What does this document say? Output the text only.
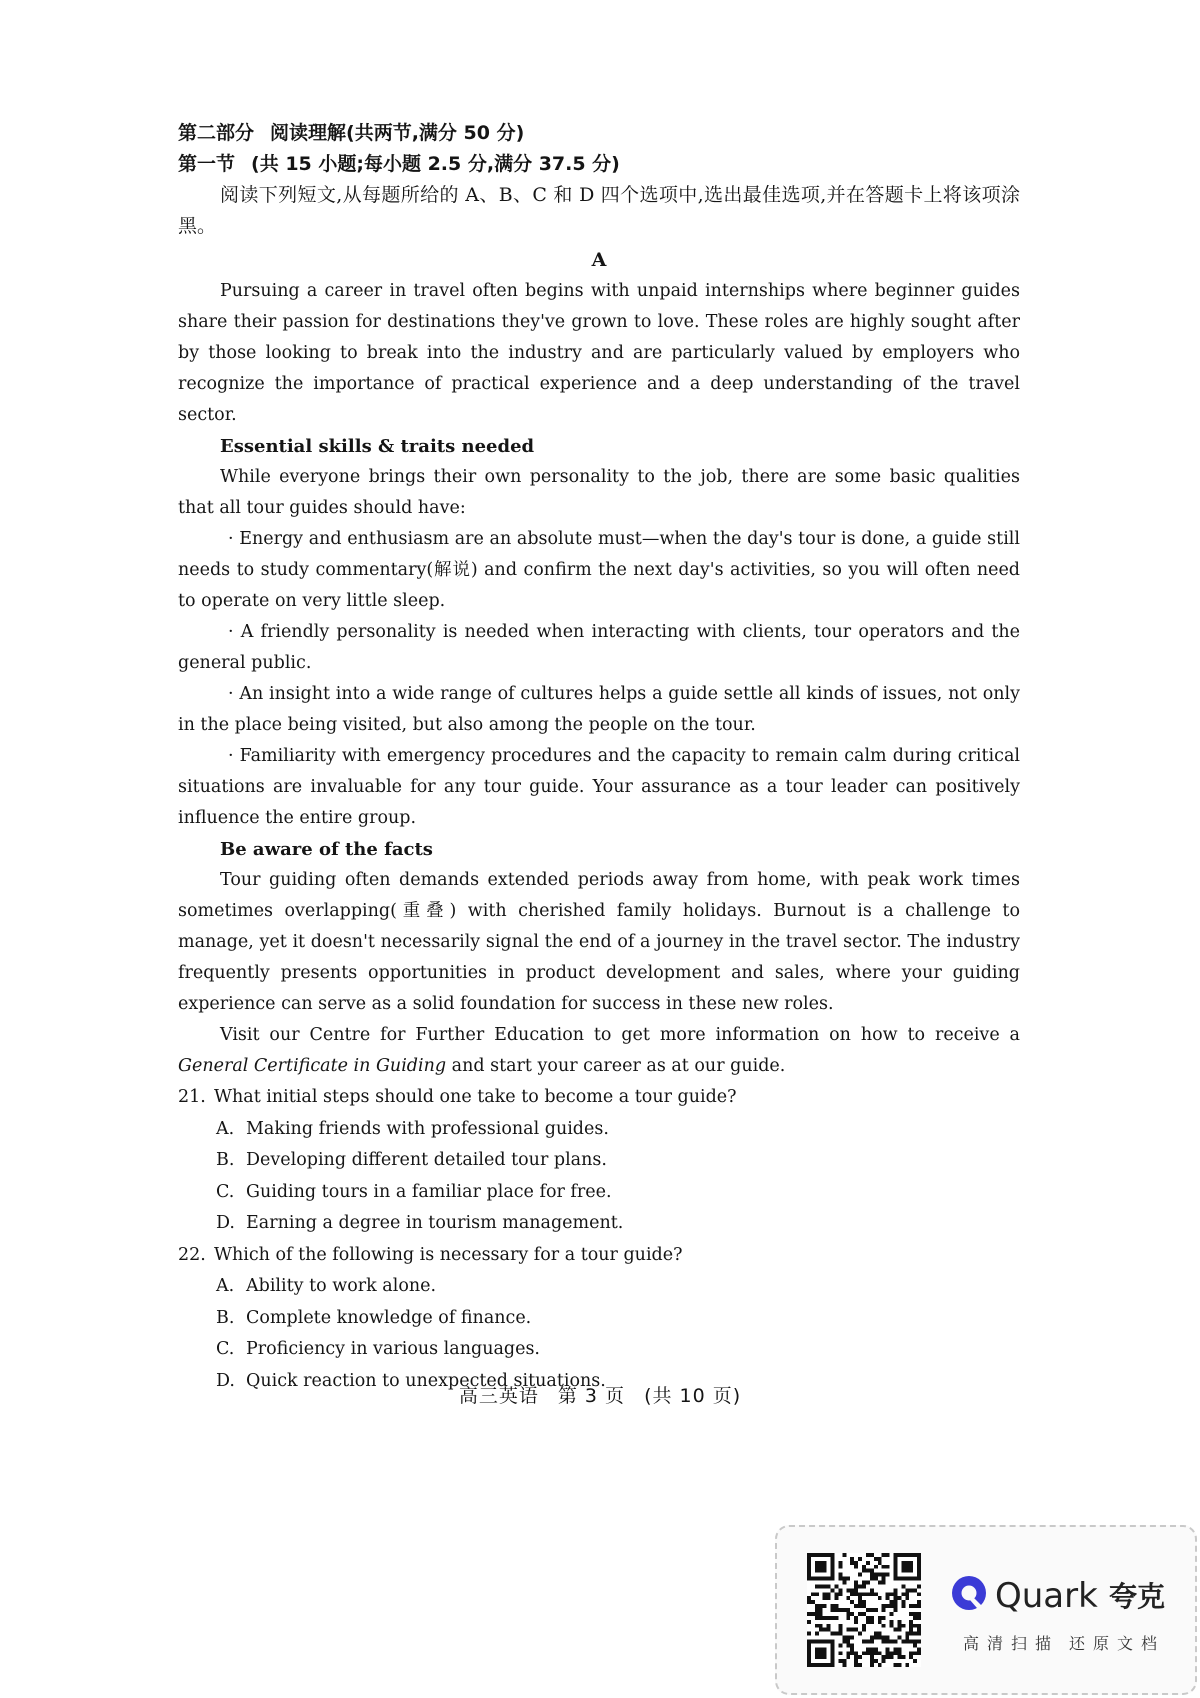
第二部分 阅读理解(共两节,满分 50 分)

第一节 (共 15 小题;每小题 2.5 分,满分 37.5 分)

阅读下列短文,从每题所给的 A、B、C 和 D 四个选项中,选出最佳选项,并在答题卡上将该项涂黑。

A

Pursuing a career in travel often begins with unpaid internships where beginner guides share their passion for destinations they've grown to love. These roles are highly sought after by those looking to break into the industry and are particularly valued by employers who recognize the importance of practical experience and a deep understanding of the travel sector.

Essential skills & traits needed

While everyone brings their own personality to the job, there are some basic qualities that all tour guides should have:

· Energy and enthusiasm are an absolute must—when the day's tour is done, a guide still needs to study commentary(解说) and confirm the next day's activities, so you will often need to operate on very little sleep.

· A friendly personality is needed when interacting with clients, tour operators and the general public.

· An insight into a wide range of cultures helps a guide settle all kinds of issues, not only in the place being visited, but also among the people on the tour.

· Familiarity with emergency procedures and the capacity to remain calm during critical situations are invaluable for any tour guide. Your assurance as a tour leader can positively influence the entire group.

Be aware of the facts

Tour guiding often demands extended periods away from home, with peak work times sometimes overlapping(重叠) with cherished family holidays. Burnout is a challenge to manage, yet it doesn't necessarily signal the end of a journey in the travel sector. The industry frequently presents opportunities in product development and sales, where your guiding experience can serve as a solid foundation for success in these new roles.

Visit our Centre for Further Education to get more information on how to receive a General Certificate in Guiding and start your career as at our guide.

21. What initial steps should one take to become a tour guide?

A. Making friends with professional guides.

B. Developing different detailed tour plans.

C. Guiding tours in a familiar place for free.

D. Earning a degree in tourism management.

22. Which of the following is necessary for a tour guide?

A. Ability to work alone.

B. Complete knowledge of finance.

C. Proficiency in various languages.

D. Quick reaction to unexpected situations.

高三英语 第 3 页 (共 10 页)
Quark 夸克
高清扫描 还原文档
